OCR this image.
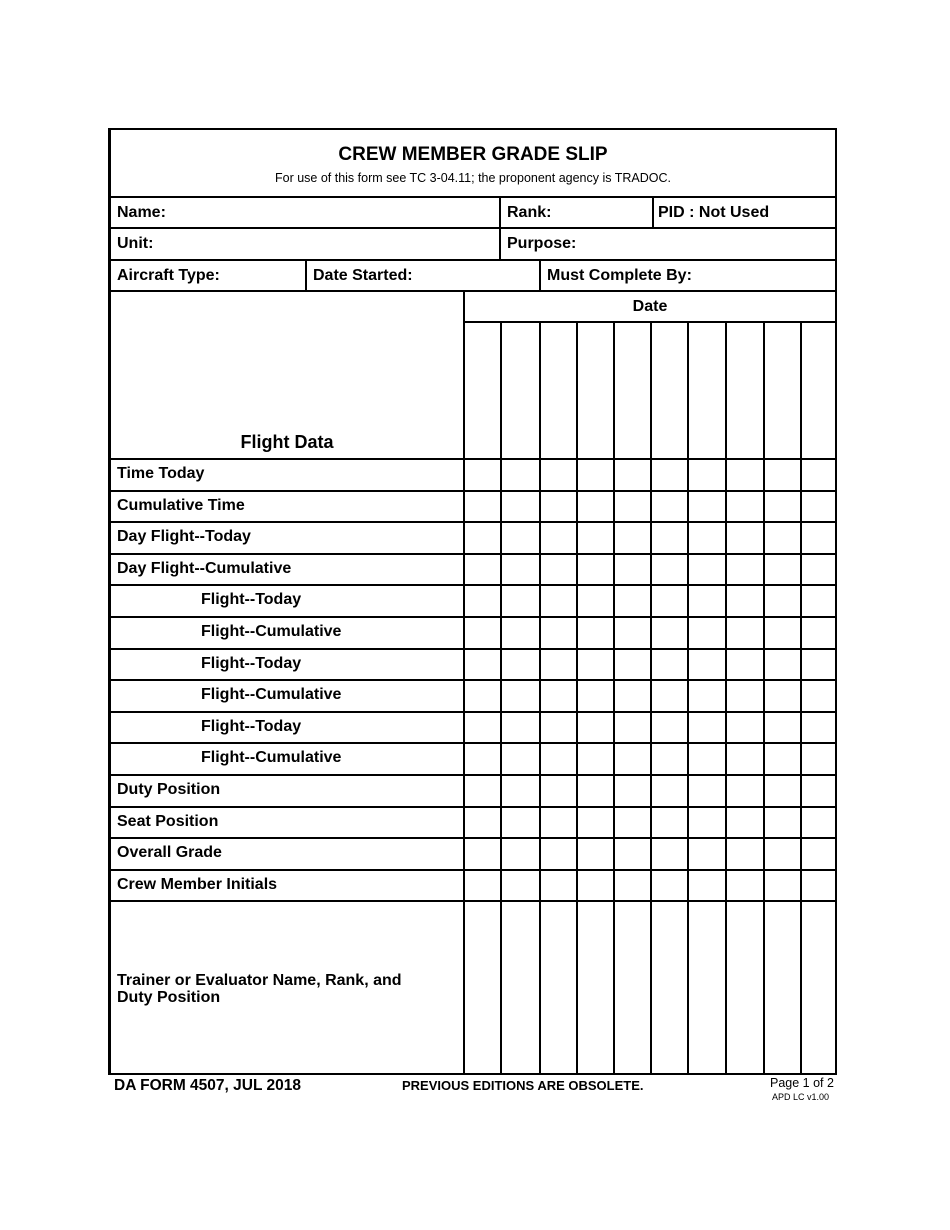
CREW MEMBER GRADE SLIP
For use of this form see TC 3-04.11; the proponent agency is TRADOC.
Name:	Rank:	PID : Not Used
Unit:	Purpose:
Aircraft Type:	Date Started:	Must Complete By:
Date
Flight Data
Time Today
Cumulative Time
Day Flight--Today
Day Flight--Cumulative
Flight--Today
Flight--Cumulative
Flight--Today
Flight--Cumulative
Flight--Today
Flight--Cumulative
Duty Position
Seat Position
Overall Grade
Crew Member Initials
Trainer or Evaluator Name, Rank, and
Duty Position
DA FORM 4507, JUL 2018	PREVIOUS EDITIONS ARE OBSOLETE.	Page 1 of 2
APD LC v1.00
